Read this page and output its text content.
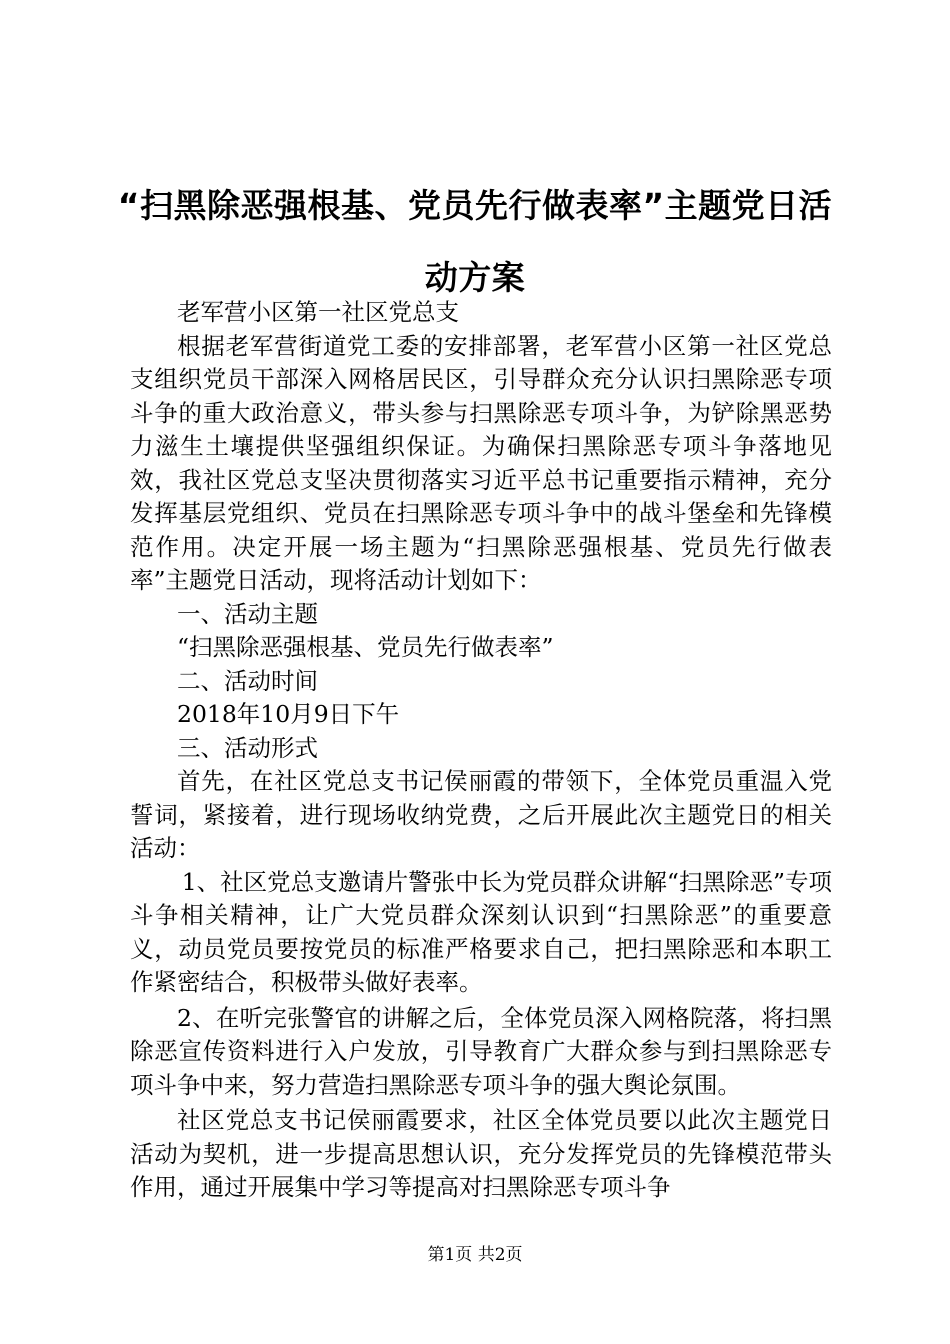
“扫黑除恶强根基、党员先行做表率”主题党日活动方案

老军营小区第一社区党总支

根据老军营街道党工委的安排部署，老军营小区第一社区党总支组织党员干部深入网格居民区，引导群众充分认识扫黑除恶专项斗争的重大政治意义，带头参与扫黑除恶专项斗争，为铲除黑恶势力滋生土壤提供坚强组织保证。为确保扫黑除恶专项斗争落地见效，我社区党总支坚决贯彻落实习近平总书记重要指示精神，充分发挥基层党组织、党员在扫黑除恶专项斗争中的战斗堡垒和先锋模范作用。决定开展一场主题为“扫黑除恶强根基、党员先行做表率”主题党日活动，现将活动计划如下：

一、活动主题

“扫黑除恶强根基、党员先行做表率”

二、活动时间

2018年10月9日下午

三、活动形式

首先，在社区党总支书记侯丽霞的带领下，全体党员重温入党誓词，紧接着，进行现场收纳党费，之后开展此次主题党日的相关活动：

1、社区党总支邀请片警张中长为党员群众讲解“扫黑除恶”专项斗争相关精神，让广大党员群众深刻认识到“扫黑除恶”的重要意义，动员党员要按党员的标准严格要求自己，把扫黑除恶和本职工作紧密结合，积极带头做好表率。

2、在听完张警官的讲解之后，全体党员深入网格院落，将扫黑除恶宣传资料进行入户发放，引导教育广大群众参与到扫黑除恶专项斗争中来，努力营造扫黑除恶专项斗争的强大舆论氛围。

社区党总支书记侯丽霞要求，社区全体党员要以此次主题党日活动为契机，进一步提高思想认识，充分发挥党员的先锋模范带头作用，通过开展集中学习等提高对扫黑除恶专项斗争

第1页 共2页
